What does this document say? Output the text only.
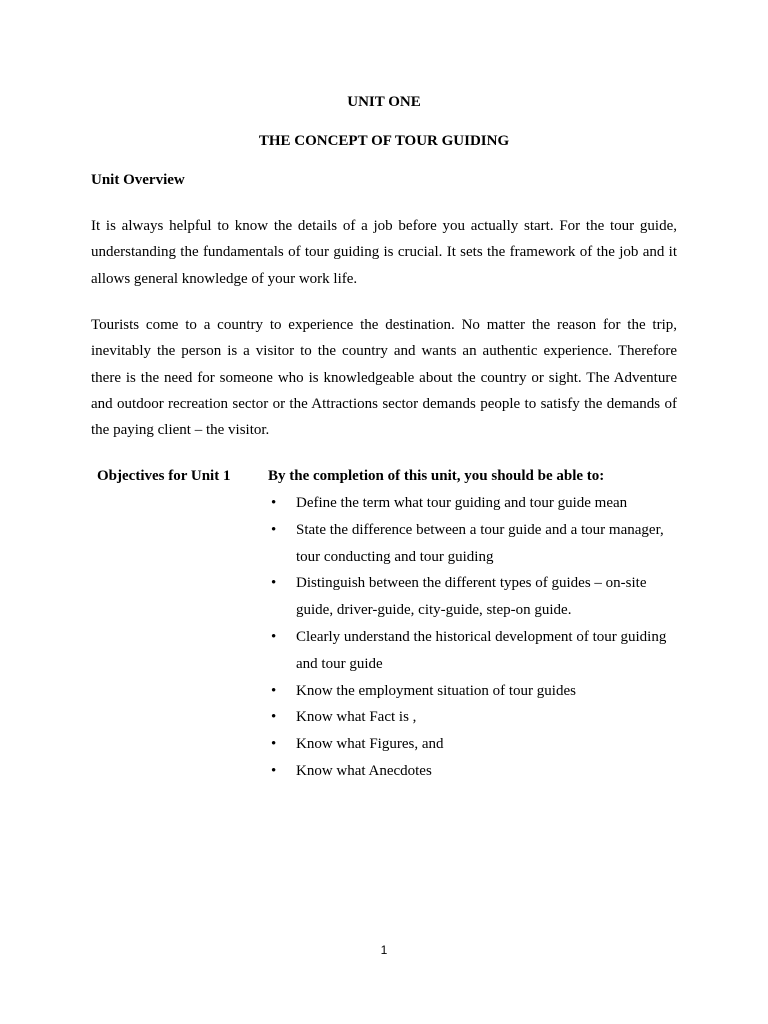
UNIT ONE
THE CONCEPT OF TOUR GUIDING
Unit Overview

It is always helpful to know the details of a job before you actually start. For the tour guide, understanding the fundamentals of tour guiding is crucial. It sets the framework of the job and it allows general knowledge of your work life.

Tourists come to a country to experience the destination. No matter the reason for the trip, inevitably the person is a visitor to the country and wants an authentic experience. Therefore there is the need for someone who is knowledgeable about the country or sight. The Adventure and outdoor recreation sector or the Attractions sector demands people to satisfy the demands of the paying client – the visitor.

Objectives for Unit 1	By the completion of this unit, you should be able to:
• Define the term what tour guiding and tour guide mean
• State the difference between a tour guide and a tour manager, tour conducting and tour guiding
• Distinguish between the different types of guides – on-site guide, driver-guide, city-guide, step-on guide.
• Clearly understand the historical development of tour guiding and tour guide
• Know the employment situation of tour guides
• Know what Fact is ,
• Know what Figures, and
• Know what Anecdotes
1
